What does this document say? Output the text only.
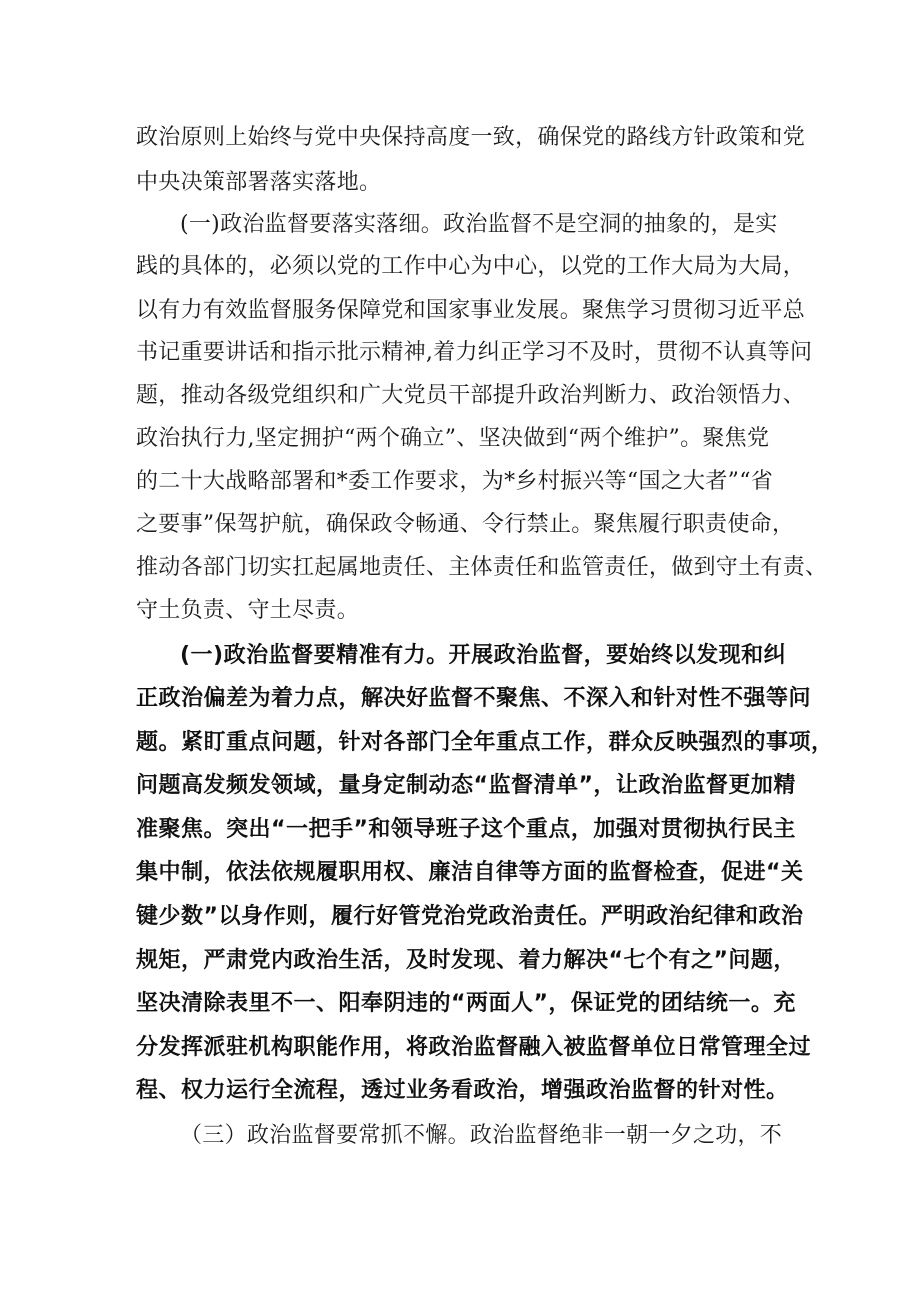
政治原则上始终与党中央保持高度一致，确保党的路线方针政策和党
中央决策部署落实落地。
(一)政治监督要落实落细。政治监督不是空洞的抽象的，是实
践的具体的，必须以党的工作中心为中心，以党的工作大局为大局，
以有力有效监督服务保障党和国家事业发展。聚焦学习贯彻习近平总
书记重要讲话和指示批示精神,着力纠正学习不及时，贯彻不认真等问
题，推动各级党组织和广大党员干部提升政治判断力、政治领悟力、
政治执行力,坚定拥护“两个确立”、坚决做到“两个维护”。聚焦党
的二十大战略部署和*委工作要求，为*乡村振兴等“国之大者”“省
之要事”保驾护航，确保政令畅通、令行禁止。聚焦履行职责使命，
推动各部门切实扛起属地责任、主体责任和监管责任，做到守土有责、
守土负责、守土尽责。
(一)政治监督要精准有力。开展政治监督，要始终以发现和纠
正政治偏差为着力点，解决好监督不聚焦、不深入和针对性不强等问
题。紧盯重点问题，针对各部门全年重点工作，群众反映强烈的事项，
问题高发频发领域，量身定制动态“监督清单”，让政治监督更加精
准聚焦。突出“一把手”和领导班子这个重点，加强对贯彻执行民主
集中制，依法依规履职用权、廉洁自律等方面的监督检查，促进“关
键少数”以身作则，履行好管党治党政治责任。严明政治纪律和政治
规矩，严肃党内政治生活，及时发现、着力解决“七个有之”问题，
坚决清除表里不一、阳奉阴违的“两面人”，保证党的团结统一。充
分发挥派驻机构职能作用，将政治监督融入被监督单位日常管理全过
程、权力运行全流程，透过业务看政治，增强政治监督的针对性。
（三）政治监督要常抓不懈。政治监督绝非一朝一夕之功，不
